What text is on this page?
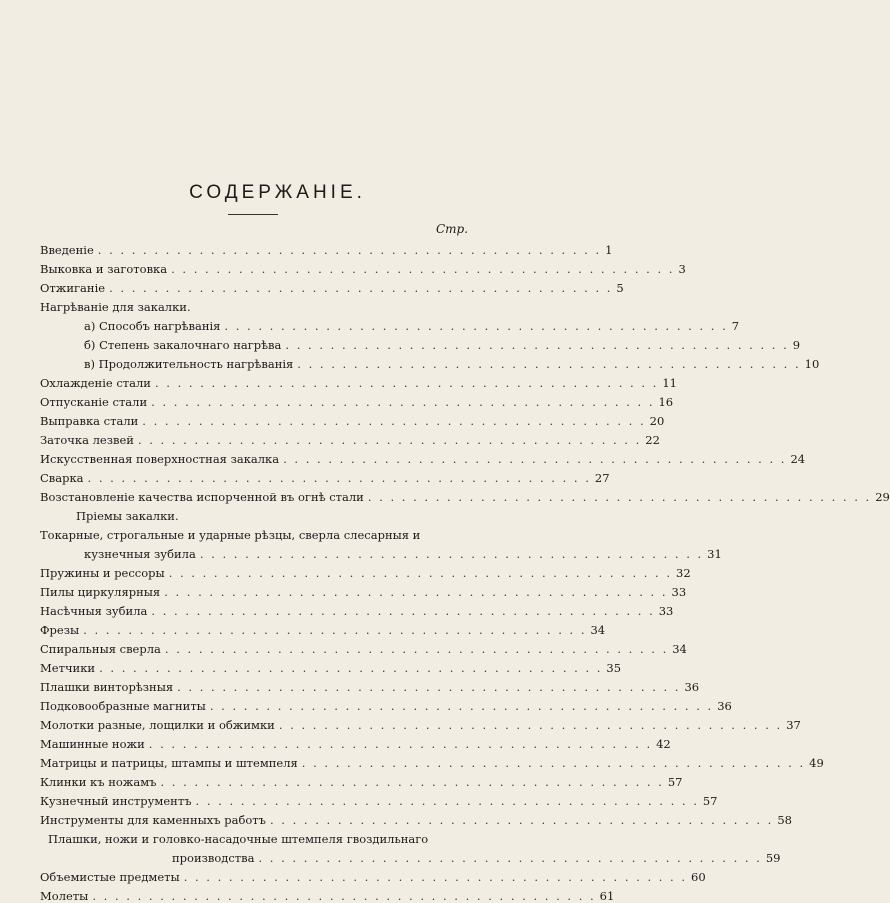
СОДЕРЖАНІЕ.
Стр.
Введеніе . . . . . . . . . . . . . . . . . . . . . . . . . . . . . . . . . . . . . . . . . . . . . 1
Выковка и заготовка . . . . . . . . . . . . . . . . . . . . . . . . . . . . . . . . . . . . . . . . . . . . . 3
Отжиганіе . . . . . . . . . . . . . . . . . . . . . . . . . . . . . . . . . . . . . . . . . . . . . 5
Нагрѣваніе для закалки.
а) Способъ нагрѣванія . . . . . . . . . . . . . . . . . . . . . . . . . . . . . . . . . . . . . . . . . . . . . 7
б) Степень закалочнаго нагрѣва . . . . . . . . . . . . . . . . . . . . . . . . . . . . . . . . . . . . . . . . . . . . . 9
в) Продолжительность нагрѣванія . . . . . . . . . . . . . . . . . . . . . . . . . . . . . . . . . . . . . . . . . . . . . 10
Охлажденіе стали . . . . . . . . . . . . . . . . . . . . . . . . . . . . . . . . . . . . . . . . . . . . . 11
Отпусканіе стали . . . . . . . . . . . . . . . . . . . . . . . . . . . . . . . . . . . . . . . . . . . . . 16
Выправка стали . . . . . . . . . . . . . . . . . . . . . . . . . . . . . . . . . . . . . . . . . . . . . 20
Заточка лезвей . . . . . . . . . . . . . . . . . . . . . . . . . . . . . . . . . . . . . . . . . . . . . 22
Искусственная поверхностная закалка . . . . . . . . . . . . . . . . . . . . . . . . . . . . . . . . . . . . . . . . . . . . . 24
Сварка . . . . . . . . . . . . . . . . . . . . . . . . . . . . . . . . . . . . . . . . . . . . . 27
Возстановленіе качества испорченной въ огнѣ стали . . . . . . . . . . . . . . . . . . . . . . . . . . . . . . . . . . . . . . . . . . . . . 29
Пріемы закалки.
Токарные, строгальные и ударные рѣзцы, сверла слесарныя и
кузнечныя зубила . . . . . . . . . . . . . . . . . . . . . . . . . . . . . . . . . . . . . . . . . . . . . 31
Пружины и рессоры . . . . . . . . . . . . . . . . . . . . . . . . . . . . . . . . . . . . . . . . . . . . . 32
Пилы циркулярныя . . . . . . . . . . . . . . . . . . . . . . . . . . . . . . . . . . . . . . . . . . . . . 33
Насѣчныя зубила . . . . . . . . . . . . . . . . . . . . . . . . . . . . . . . . . . . . . . . . . . . . . 33
Фрезы . . . . . . . . . . . . . . . . . . . . . . . . . . . . . . . . . . . . . . . . . . . . . 34
Спиральныя сверла . . . . . . . . . . . . . . . . . . . . . . . . . . . . . . . . . . . . . . . . . . . . . 34
Метчики . . . . . . . . . . . . . . . . . . . . . . . . . . . . . . . . . . . . . . . . . . . . . 35
Плашки винторѣзныя . . . . . . . . . . . . . . . . . . . . . . . . . . . . . . . . . . . . . . . . . . . . . 36
Подковообразные магниты . . . . . . . . . . . . . . . . . . . . . . . . . . . . . . . . . . . . . . . . . . . . . 36
Молотки разные, лощилки и обжимки . . . . . . . . . . . . . . . . . . . . . . . . . . . . . . . . . . . . . . . . . . . . . 37
Машинные ножи . . . . . . . . . . . . . . . . . . . . . . . . . . . . . . . . . . . . . . . . . . . . . 42
Матрицы и патрицы, штампы и штемпеля . . . . . . . . . . . . . . . . . . . . . . . . . . . . . . . . . . . . . . . . . . . . . 49
Клинки къ ножамъ . . . . . . . . . . . . . . . . . . . . . . . . . . . . . . . . . . . . . . . . . . . . . 57
Кузнечный инструментъ . . . . . . . . . . . . . . . . . . . . . . . . . . . . . . . . . . . . . . . . . . . . . 57
Инструменты для каменныхъ работъ . . . . . . . . . . . . . . . . . . . . . . . . . . . . . . . . . . . . . . . . . . . . . 58
Плашки, ножи и головко-насадочные штемпеля гвоздильнаго
производства . . . . . . . . . . . . . . . . . . . . . . . . . . . . . . . . . . . . . . . . . . . . . 59
Объемистые предметы . . . . . . . . . . . . . . . . . . . . . . . . . . . . . . . . . . . . . . . . . . . . . 60
Молеты . . . . . . . . . . . . . . . . . . . . . . . . . . . . . . . . . . . . . . . . . . . . . 61
